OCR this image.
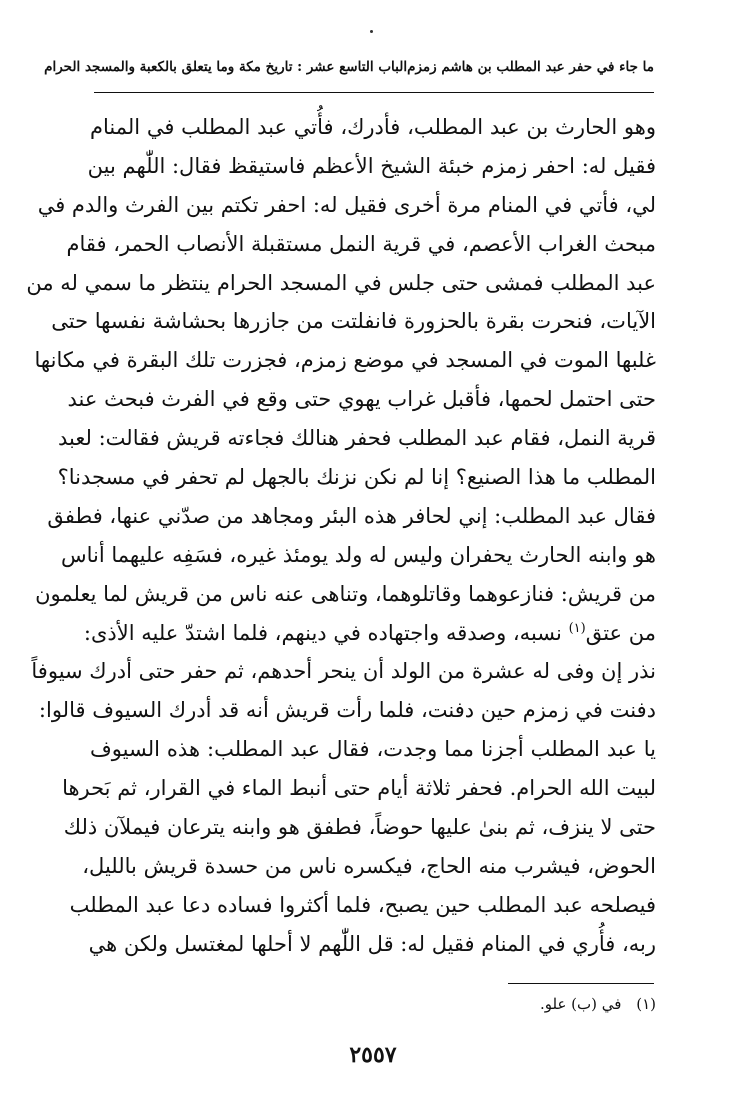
ما جاء في حفر عبد المطلب بن هاشم زمزم
الباب التاسع عشر : تاريخ مكة وما يتعلق بالكعبة والمسجد الحرام
وهو الحارث بن عبد المطلب، فأدرك، فأُتي عبد المطلب في المنام
فقيل له: احفر زمزم خبئة الشيخ الأعظم فاستيقظ فقال: اللّٰهم بين
لي، فأتي في المنام مرة أخرى فقيل له: احفر تكتم بين الفرث والدم في
مبحث الغراب الأعصم، في قرية النمل مستقبلة الأنصاب الحمر، فقام
عبد المطلب فمشى حتى جلس في المسجد الحرام ينتظر ما سمي له من
الآيات، فنحرت بقرة بالحزورة فانفلتت من جازرها بحشاشة نفسها حتى
غلبها الموت في المسجد في موضع زمزم، فجزرت تلك البقرة في مكانها
حتى احتمل لحمها، فأقبل غراب يهوي حتى وقع في الفرث فبحث عند
قرية النمل، فقام عبد المطلب فحفر هنالك فجاءته قريش فقالت: لعبد
المطلب ما هذا الصنيع؟ إنا لم نكن نزنك بالجهل لم تحفر في مسجدنا؟
فقال عبد المطلب: إني لحافر هذه البئر ومجاهد من صدّني عنها، فطفق
هو وابنه الحارث يحفران وليس له ولد يومئذ غيره، فسَفِه عليهما أناس
من قريش: فنازعوهما وقاتلوهما، وتناهى عنه ناس من قريش لما يعلمون
من عتق$^{(١)}$ نسبه، وصدقه واجتهاده في دينهم، فلما اشتدّ عليه الأذى:
نذر إن وفى له عشرة من الولد أن ينحر أحدهم، ثم حفر حتى أدرك سيوفاً
دفنت في زمزم حين دفنت، فلما رأت قريش أنه قد أدرك السيوف قالوا:
يا عبد المطلب أجزنا مما وجدت، فقال عبد المطلب: هذه السيوف
لبيت الله الحرام. فحفر ثلاثة أيام حتى أنبط الماء في القرار، ثم بَحرها
حتى لا ينزف، ثم بنىٰ عليها حوضاً، فطفق هو وابنه يترعان فيملآن ذلك
الحوض، فيشرب منه الحاج، فيكسره ناس من حسدة قريش بالليل،
فيصلحه عبد المطلب حين يصبح، فلما أكثروا فساده دعا عبد المطلب
ربه، فأُري في المنام فقيل له: قل اللّٰهم لا أحلها لمغتسل ولكن هي
(١) في (ب) علو.
٢٥٥٧
